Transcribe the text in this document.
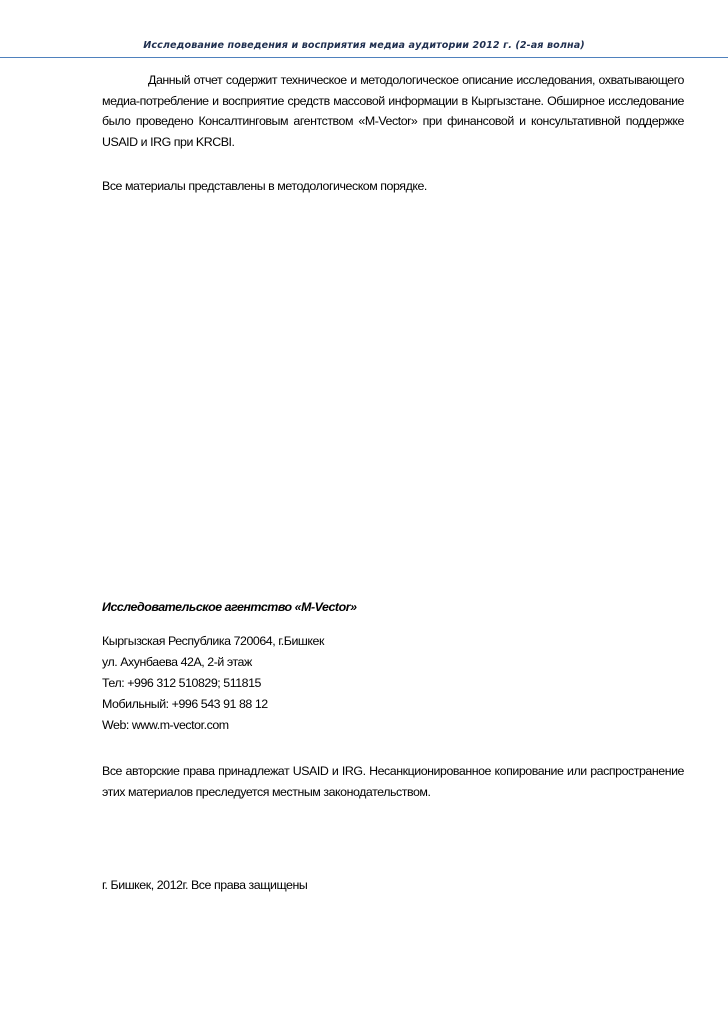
Исследование поведения и восприятия медиа аудитории 2012 г. (2-ая волна)
Данный отчет содержит техническое и методологическое описание исследования, охватывающего медиа-потребление и восприятие средств массовой информации в Кыргызстане. Обширное исследование было проведено Консалтинговым агентством «M-Vector» при финансовой и консультативной поддержке USAID и IRG при KRCBI.
Все материалы представлены в методологическом порядке.
Исследовательское агентство «M-Vector»
Кыргызская Республика 720064, г.Бишкек
ул. Ахунбаева 42А, 2-й этаж
Тел: +996 312 510829; 511815
Мобильный: +996 543 91 88 12
Web: www.m-vector.com
Все авторские права принадлежат USAID и IRG. Несанкционированное копирование или распространение этих материалов преследуется местным законодательством.
г. Бишкек, 2012г. Все права защищены
